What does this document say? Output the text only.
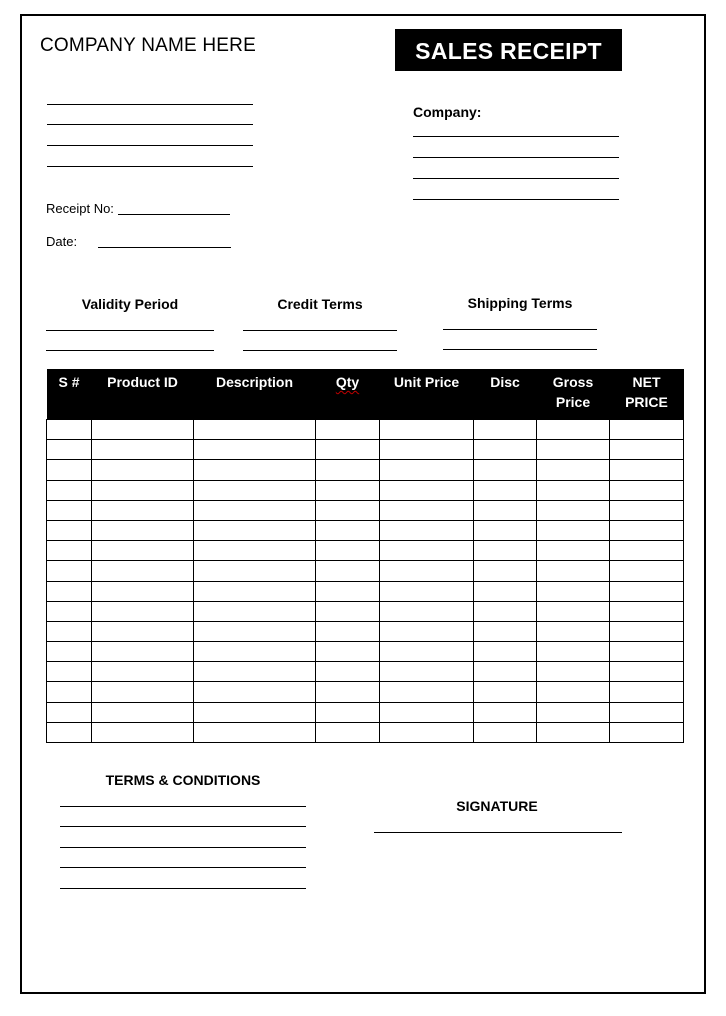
COMPANY NAME HERE	SALES RECEIPT
Company:
Receipt No:
Date:
Validity Period	Credit Terms	Shipping Terms
S #	Product ID	Description	Qty	Unit Price	Disc	Gross Price	NET PRICE

TERMS & CONDITIONS
SIGNATURE
